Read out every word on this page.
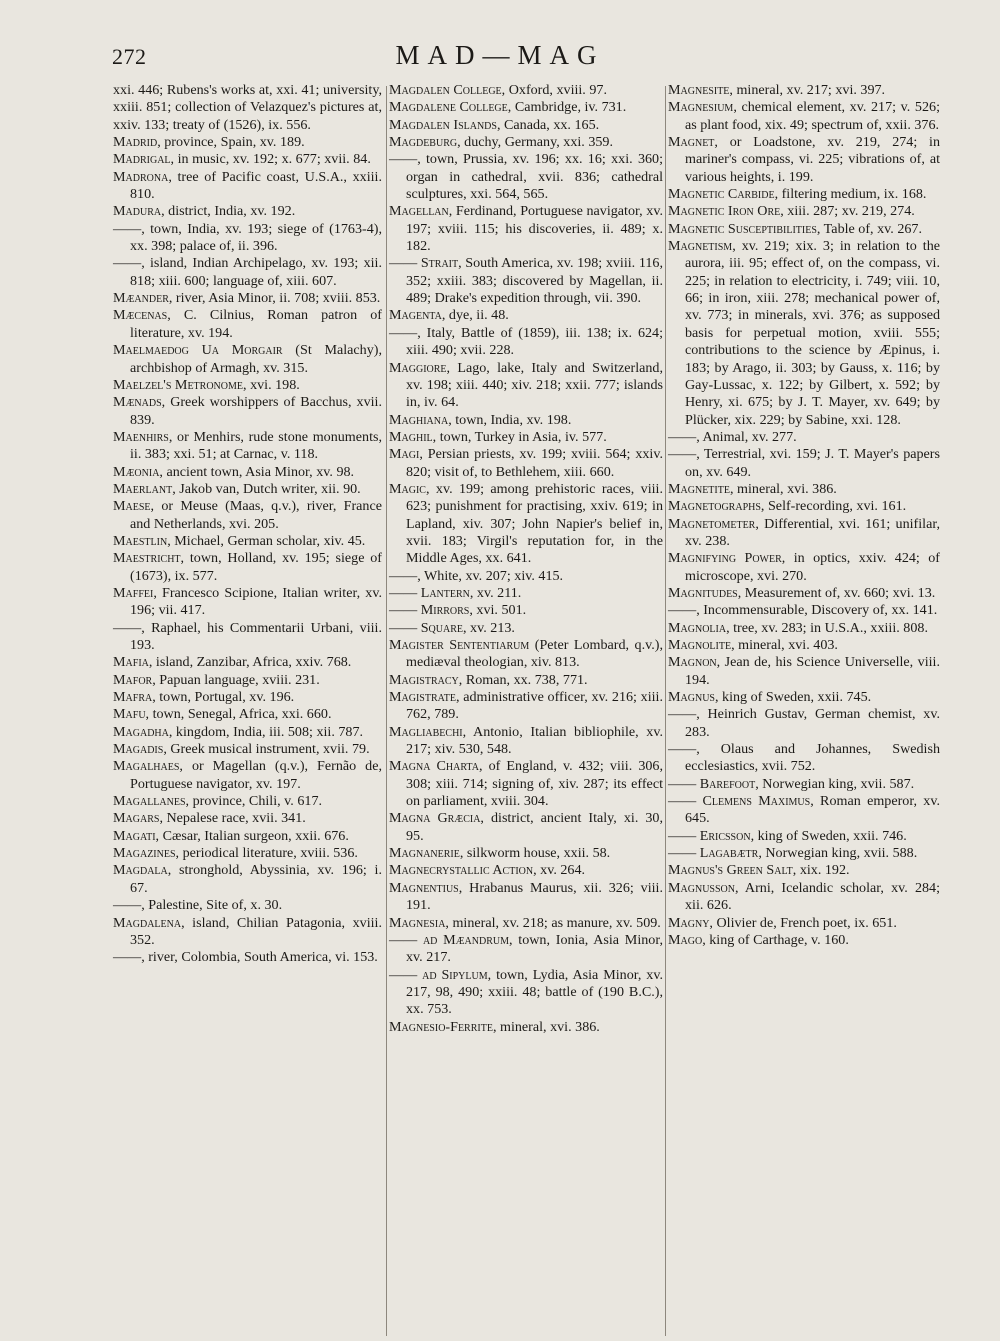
272	MAD—MAG

xxi. 446; Rubens's works at, xxi. 41; university, xxiii. 851; collection of Velazquez's pictures at, xxiv. 133; treaty of (1526), ix. 556.

Madrid, province, Spain, xv. 189.

Madrigal, in music, xv. 192; x. 677; xvii. 84.

Madrona, tree of Pacific coast, U.S.A., xxiii. 810.

Madura, district, India, xv. 192.

——, town, India, xv. 193; siege of (1763-4), xx. 398; palace of, ii. 396.

——, island, Indian Archipelago, xv. 193; xii. 818; xiii. 600; language of, xiii. 607.

Mæander, river, Asia Minor, ii. 708; xviii. 853.

Mæcenas, C. Cilnius, Roman patron of literature, xv. 194.

Maelmaedog Ua Morgair (St Malachy), archbishop of Armagh, xv. 315.

Maelzel's Metronome, xvi. 198.

Mænads, Greek worshippers of Bacchus, xvii. 839.

Maenhirs, or Menhirs, rude stone monuments, ii. 383; xxi. 51; at Carnac, v. 118.

Mæonia, ancient town, Asia Minor, xv. 98.

Maerlant, Jakob van, Dutch writer, xii. 90.

Maese, or Meuse (Maas, q.v.), river, France and Netherlands, xvi. 205.

Maestlin, Michael, German scholar, xiv. 45.

Maestricht, town, Holland, xv. 195; siege of (1673), ix. 577.

Maffei, Francesco Scipione, Italian writer, xv. 196; vii. 417.

——, Raphael, his Commentarii Urbani, viii. 193.

Mafia, island, Zanzibar, Africa, xxiv. 768.

Mafor, Papuan language, xviii. 231.

Mafra, town, Portugal, xv. 196.

Mafu, town, Senegal, Africa, xxi. 660.

Magadha, kingdom, India, iii. 508; xii. 787.

Magadis, Greek musical instrument, xvii. 79.

Magalhaes, or Magellan (q.v.), Fernão de, Portuguese navigator, xv. 197.

Magallanes, province, Chili, v. 617.

Magars, Nepalese race, xvii. 341.

Magati, Cæsar, Italian surgeon, xxii. 676.

Magazines, periodical literature, xviii. 536.

Magdala, stronghold, Abyssinia, xv. 196; i. 67.

——, Palestine, Site of, x. 30.

Magdalena, island, Chilian Patagonia, xviii. 352.

——, river, Colombia, South America, vi. 153.

Magdalen College, Oxford, xviii. 97.

Magdalene College, Cambridge, iv. 731.

Magdalen Islands, Canada, xx. 165.

Magdeburg, duchy, Germany, xxi. 359.

——, town, Prussia, xv. 196; xx. 16; xxi. 360; organ in cathedral, xvii. 836; cathedral sculptures, xxi. 564, 565.

Magellan, Ferdinand, Portuguese navigator, xv. 197; xviii. 115; his discoveries, ii. 489; x. 182.

—— Strait, South America, xv. 198; xviii. 116, 352; xxiii. 383; discovered by Magellan, ii. 489; Drake's expedition through, vii. 390.

Magenta, dye, ii. 48.

——, Italy, Battle of (1859), iii. 138; ix. 624; xiii. 490; xvii. 228.

Maggiore, Lago, lake, Italy and Switzerland, xv. 198; xiii. 440; xiv. 218; xxii. 777; islands in, iv. 64.

Maghiana, town, India, xv. 198.

Maghil, town, Turkey in Asia, iv. 577.

Magi, Persian priests, xv. 199; xviii. 564; xxiv. 820; visit of, to Bethlehem, xiii. 660.

Magic, xv. 199; among prehistoric races, viii. 623; punishment for practising, xxiv. 619; in Lapland, xiv. 307; John Napier's belief in, xvii. 183; Virgil's reputation for, in the Middle Ages, xx. 641.

——, White, xv. 207; xiv. 415.

—— Lantern, xv. 211.

—— Mirrors, xvi. 501.

—— Square, xv. 213.

Magister Sententiarum (Peter Lombard, q.v.), mediæval theologian, xiv. 813.

Magistracy, Roman, xx. 738, 771.

Magistrate, administrative officer, xv. 216; xiii. 762, 789.

Magliabechi, Antonio, Italian bibliophile, xv. 217; xiv. 530, 548.

Magna Charta, of England, v. 432; viii. 306, 308; xiii. 714; signing of, xiv. 287; its effect on parliament, xviii. 304.

Magna Græcia, district, ancient Italy, xi. 30, 95.

Magnanerie, silkworm house, xxii. 58.

Magnecrystallic Action, xv. 264.

Magnentius, Hrabanus Maurus, xii. 326; viii. 191.

Magnesia, mineral, xv. 218; as manure, xv. 509.

—— ad Mæandrum, town, Ionia, Asia Minor, xv. 217.

—— ad Sipylum, town, Lydia, Asia Minor, xv. 217, 98, 490; xxiii. 48; battle of (190 B.C.), xx. 753.

Magnesio-Ferrite, mineral, xvi. 386.

Magnesite, mineral, xv. 217; xvi. 397.

Magnesium, chemical element, xv. 217; v. 526; as plant food, xix. 49; spectrum of, xxii. 376.

Magnet, or Loadstone, xv. 219, 274; in mariner's compass, vi. 225; vibrations of, at various heights, i. 199.

Magnetic Carbide, filtering medium, ix. 168.

Magnetic Iron Ore, xiii. 287; xv. 219, 274.

Magnetic Susceptibilities, Table of, xv. 267.

Magnetism, xv. 219; xix. 3; in relation to the aurora, iii. 95; effect of, on the compass, vi. 225; in relation to electricity, i. 749; viii. 10, 66; in iron, xiii. 278; mechanical power of, xv. 773; in minerals, xvi. 376; as supposed basis for perpetual motion, xviii. 555; contributions to the science by Æpinus, i. 183; by Arago, ii. 303; by Gauss, x. 116; by Gay-Lussac, x. 122; by Gilbert, x. 592; by Henry, xi. 675; by J. T. Mayer, xv. 649; by Plücker, xix. 229; by Sabine, xxi. 128.

——, Animal, xv. 277.

——, Terrestrial, xvi. 159; J. T. Mayer's papers on, xv. 649.

Magnetite, mineral, xvi. 386.

Magnetographs, Self-recording, xvi. 161.

Magnetometer, Differential, xvi. 161; unifilar, xv. 238.

Magnifying Power, in optics, xxiv. 424; of microscope, xvi. 270.

Magnitudes, Measurement of, xv. 660; xvi. 13.

——, Incommensurable, Discovery of, xx. 141.

Magnolia, tree, xv. 283; in U.S.A., xxiii. 808.

Magnolite, mineral, xvi. 403.

Magnon, Jean de, his Science Universelle, viii. 194.

Magnus, king of Sweden, xxii. 745.

——, Heinrich Gustav, German chemist, xv. 283.

——, Olaus and Johannes, Swedish ecclesiastics, xvii. 752.

—— Barefoot, Norwegian king, xvii. 587.

—— Clemens Maximus, Roman emperor, xv. 645.

—— Ericsson, king of Sweden, xxii. 746.

—— Lagabætr, Norwegian king, xvii. 588.

Magnus's Green Salt, xix. 192.

Magnusson, Arni, Icelandic scholar, xv. 284; xii. 626.

Magny, Olivier de, French poet, ix. 651.

Mago, king of Carthage, v. 160.
